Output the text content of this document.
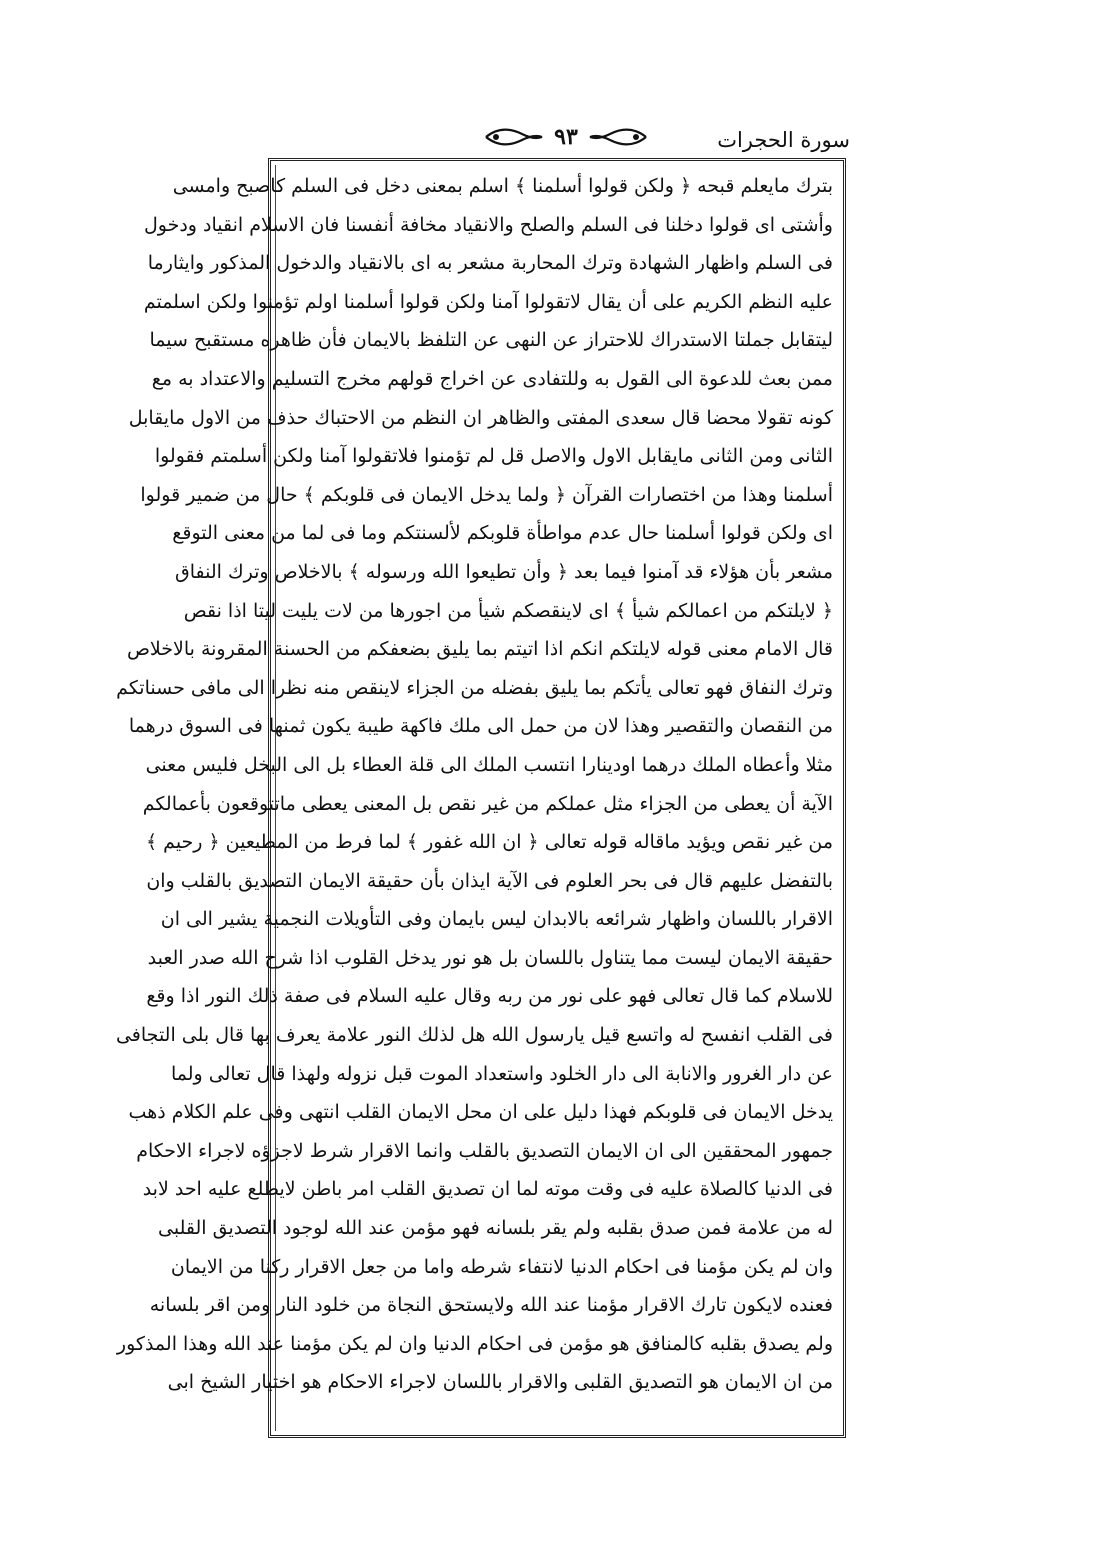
سورة الحجرات
٩٣
بترك مايعلم قبحه ﴿ ولكن قولوا أسلمنا ﴾ اسلم بمعنى دخل فى السلم كاصبح وامسى
وأشتى اى قولوا دخلنا فى السلم والصلح والانقياد مخافة أنفسنا فان الاسلام انقياد ودخول
فى السلم واظهار الشهادة وترك المحاربة مشعر به اى بالانقياد والدخول المذكور وايثارما
عليه النظم الكريم على أن يقال لاتقولوا آمنا ولكن قولوا أسلمنا اولم تؤمنوا ولكن اسلمتم
ليتقابل جملتا الاستدراك للاحتراز عن النهى عن التلفظ بالايمان فأن ظاهره مستقبح سيما
ممن بعث للدعوة الى القول به وللتفادى عن اخراج قولهم مخرج التسليم والاعتداد به مع
كونه تقولا محضا قال سعدى المفتى والظاهر ان النظم من الاحتباك حذف من الاول مايقابل
الثانى ومن الثانى مايقابل الاول والاصل قل لم تؤمنوا فلاتقولوا آمنا ولكن أسلمتم فقولوا
أسلمنا وهذا من اختصارات القرآن ﴿ ولما يدخل الايمان فى قلوبكم ﴾ حال من ضمير قولوا
اى ولكن قولوا أسلمنا حال عدم مواطأة قلوبكم لألسنتكم وما فى لما من معنى التوقع
مشعر بأن هؤلاء قد آمنوا فيما بعد ﴿ وأن تطيعوا الله ورسوله ﴾ بالاخلاص وترك النفاق
﴿ لايلتكم من اعمالكم شيأ ﴾ اى لاينقصكم شيأ من اجورها من لات يليت ليتا اذا نقص
قال الامام معنى قوله لايلتكم انكم اذا اتيتم بما يليق بضعفكم من الحسنة المقرونة بالاخلاص
وترك النفاق فهو تعالى يأتكم بما يليق بفضله من الجزاء لاينقص منه نظرا الى مافى حسناتكم
من النقصان والتقصير وهذا لان من حمل الى ملك فاكهة طيبة يكون ثمنها فى السوق درهما
مثلا وأعطاه الملك درهما اودينارا انتسب الملك الى قلة العطاء بل الى البخل فليس معنى
الآية أن يعطى من الجزاء مثل عملكم من غير نقص بل المعنى يعطى ماتتوقعون بأعمالكم
من غير نقص ويؤيد ماقاله قوله تعالى ﴿ ان الله غفور ﴾ لما فرط من المطيعين ﴿ رحيم ﴾
بالتفضل عليهم قال فى بحر العلوم فى الآية ايذان بأن حقيقة الايمان التصديق بالقلب وان
الاقرار باللسان واظهار شرائعه بالابدان ليس بايمان وفى التأويلات النجمية يشير الى ان
حقيقة الايمان ليست مما يتناول باللسان بل هو نور يدخل القلوب اذا شرح الله صدر العبد
للاسلام كما قال تعالى فهو على نور من ربه وقال عليه السلام فى صفة ذلك النور اذا وقع
فى القلب انفسح له واتسع قيل يارسول الله هل لذلك النور علامة يعرف بها قال بلى التجافى
عن دار الغرور والانابة الى دار الخلود واستعداد الموت قبل نزوله ولهذا قال تعالى ولما
يدخل الايمان فى قلوبكم فهذا دليل على ان محل الايمان القلب انتهى وفى علم الكلام ذهب
جمهور المحققين الى ان الايمان التصديق بالقلب وانما الاقرار شرط لاجزؤه لاجراء الاحكام
فى الدنيا كالصلاة عليه فى وقت موته لما ان تصديق القلب امر باطن لايطلع عليه احد لابد
له من علامة فمن صدق بقلبه ولم يقر بلسانه فهو مؤمن عند الله لوجود التصديق القلبى
وان لم يكن مؤمنا فى احكام الدنيا لانتفاء شرطه واما من جعل الاقرار ركنا من الايمان
فعنده لايكون تارك الاقرار مؤمنا عند الله ولايستحق النجاة من خلود النار ومن اقر بلسانه
ولم يصدق بقلبه كالمنافق هو مؤمن فى احكام الدنيا وان لم يكن مؤمنا عند الله وهذا المذكور
من ان الايمان هو التصديق القلبى والاقرار باللسان لاجراء الاحكام هو اختيار الشيخ ابى
